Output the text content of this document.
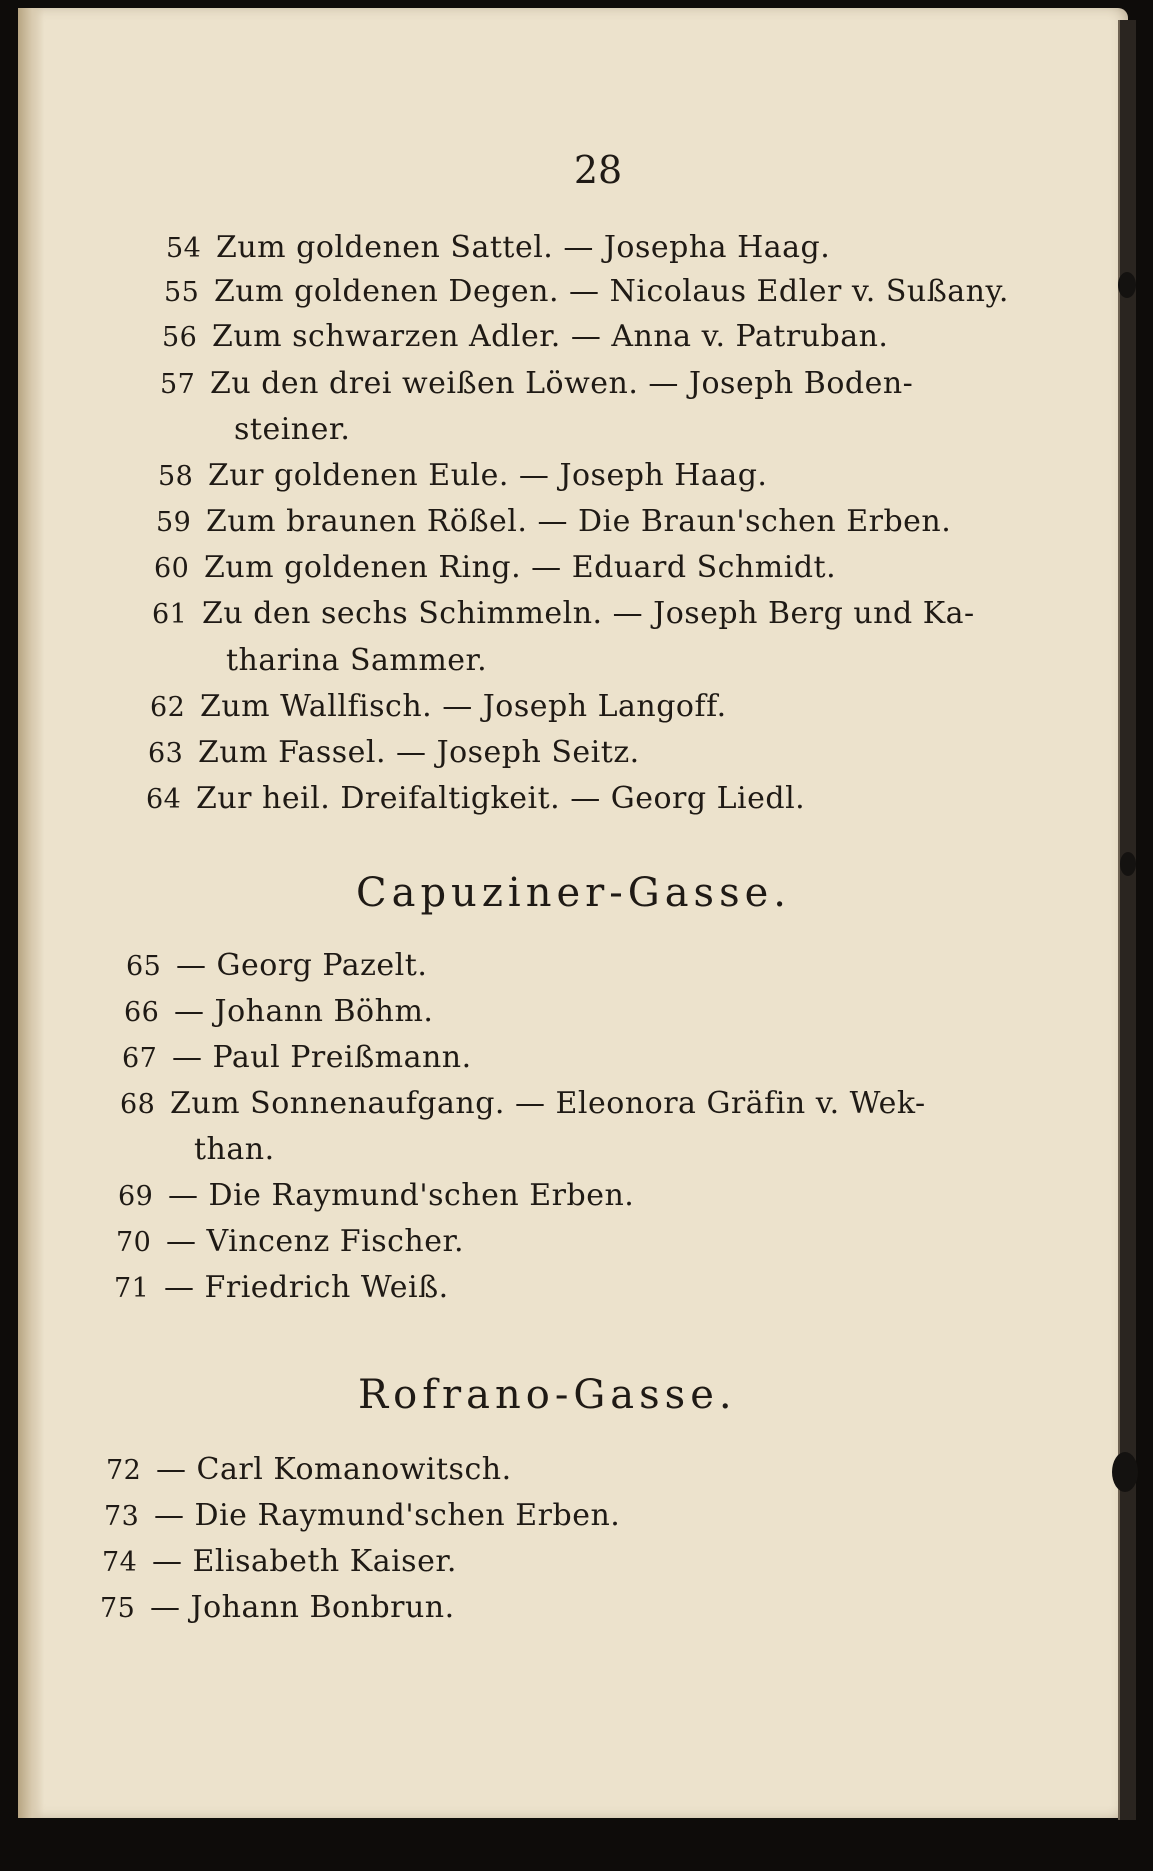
28
54 Zum goldenen Sattel. — Josepha Haag.
55 Zum goldenen Degen. — Nicolaus Edler v. Sußany.
56 Zum schwarzen Adler. — Anna v. Patruban.
57 Zu den drei weißen Löwen. — Joseph Boden-
steiner.
58 Zur goldenen Eule. — Joseph Haag.
59 Zum braunen Rößel. — Die Braun'schen Erben.
60 Zum goldenen Ring. — Eduard Schmidt.
61 Zu den sechs Schimmeln. — Joseph Berg und Ka-
tharina Sammer.
62 Zum Wallfisch. — Joseph Langoff.
63 Zum Fassel. — Joseph Seitz.
64 Zur heil. Dreifaltigkeit. — Georg Liedl.
Capuziner-Gasse.
65 — Georg Pazelt.
66 — Johann Böhm.
67 — Paul Preißmann.
68 Zum Sonnenaufgang. — Eleonora Gräfin v. Wek-
than.
69 — Die Raymund'schen Erben.
70 — Vincenz Fischer.
71 — Friedrich Weiß.
Rofrano-Gasse.
72 — Carl Komanowitsch.
73 — Die Raymund'schen Erben.
74 — Elisabeth Kaiser.
75 — Johann Bonbrun.
